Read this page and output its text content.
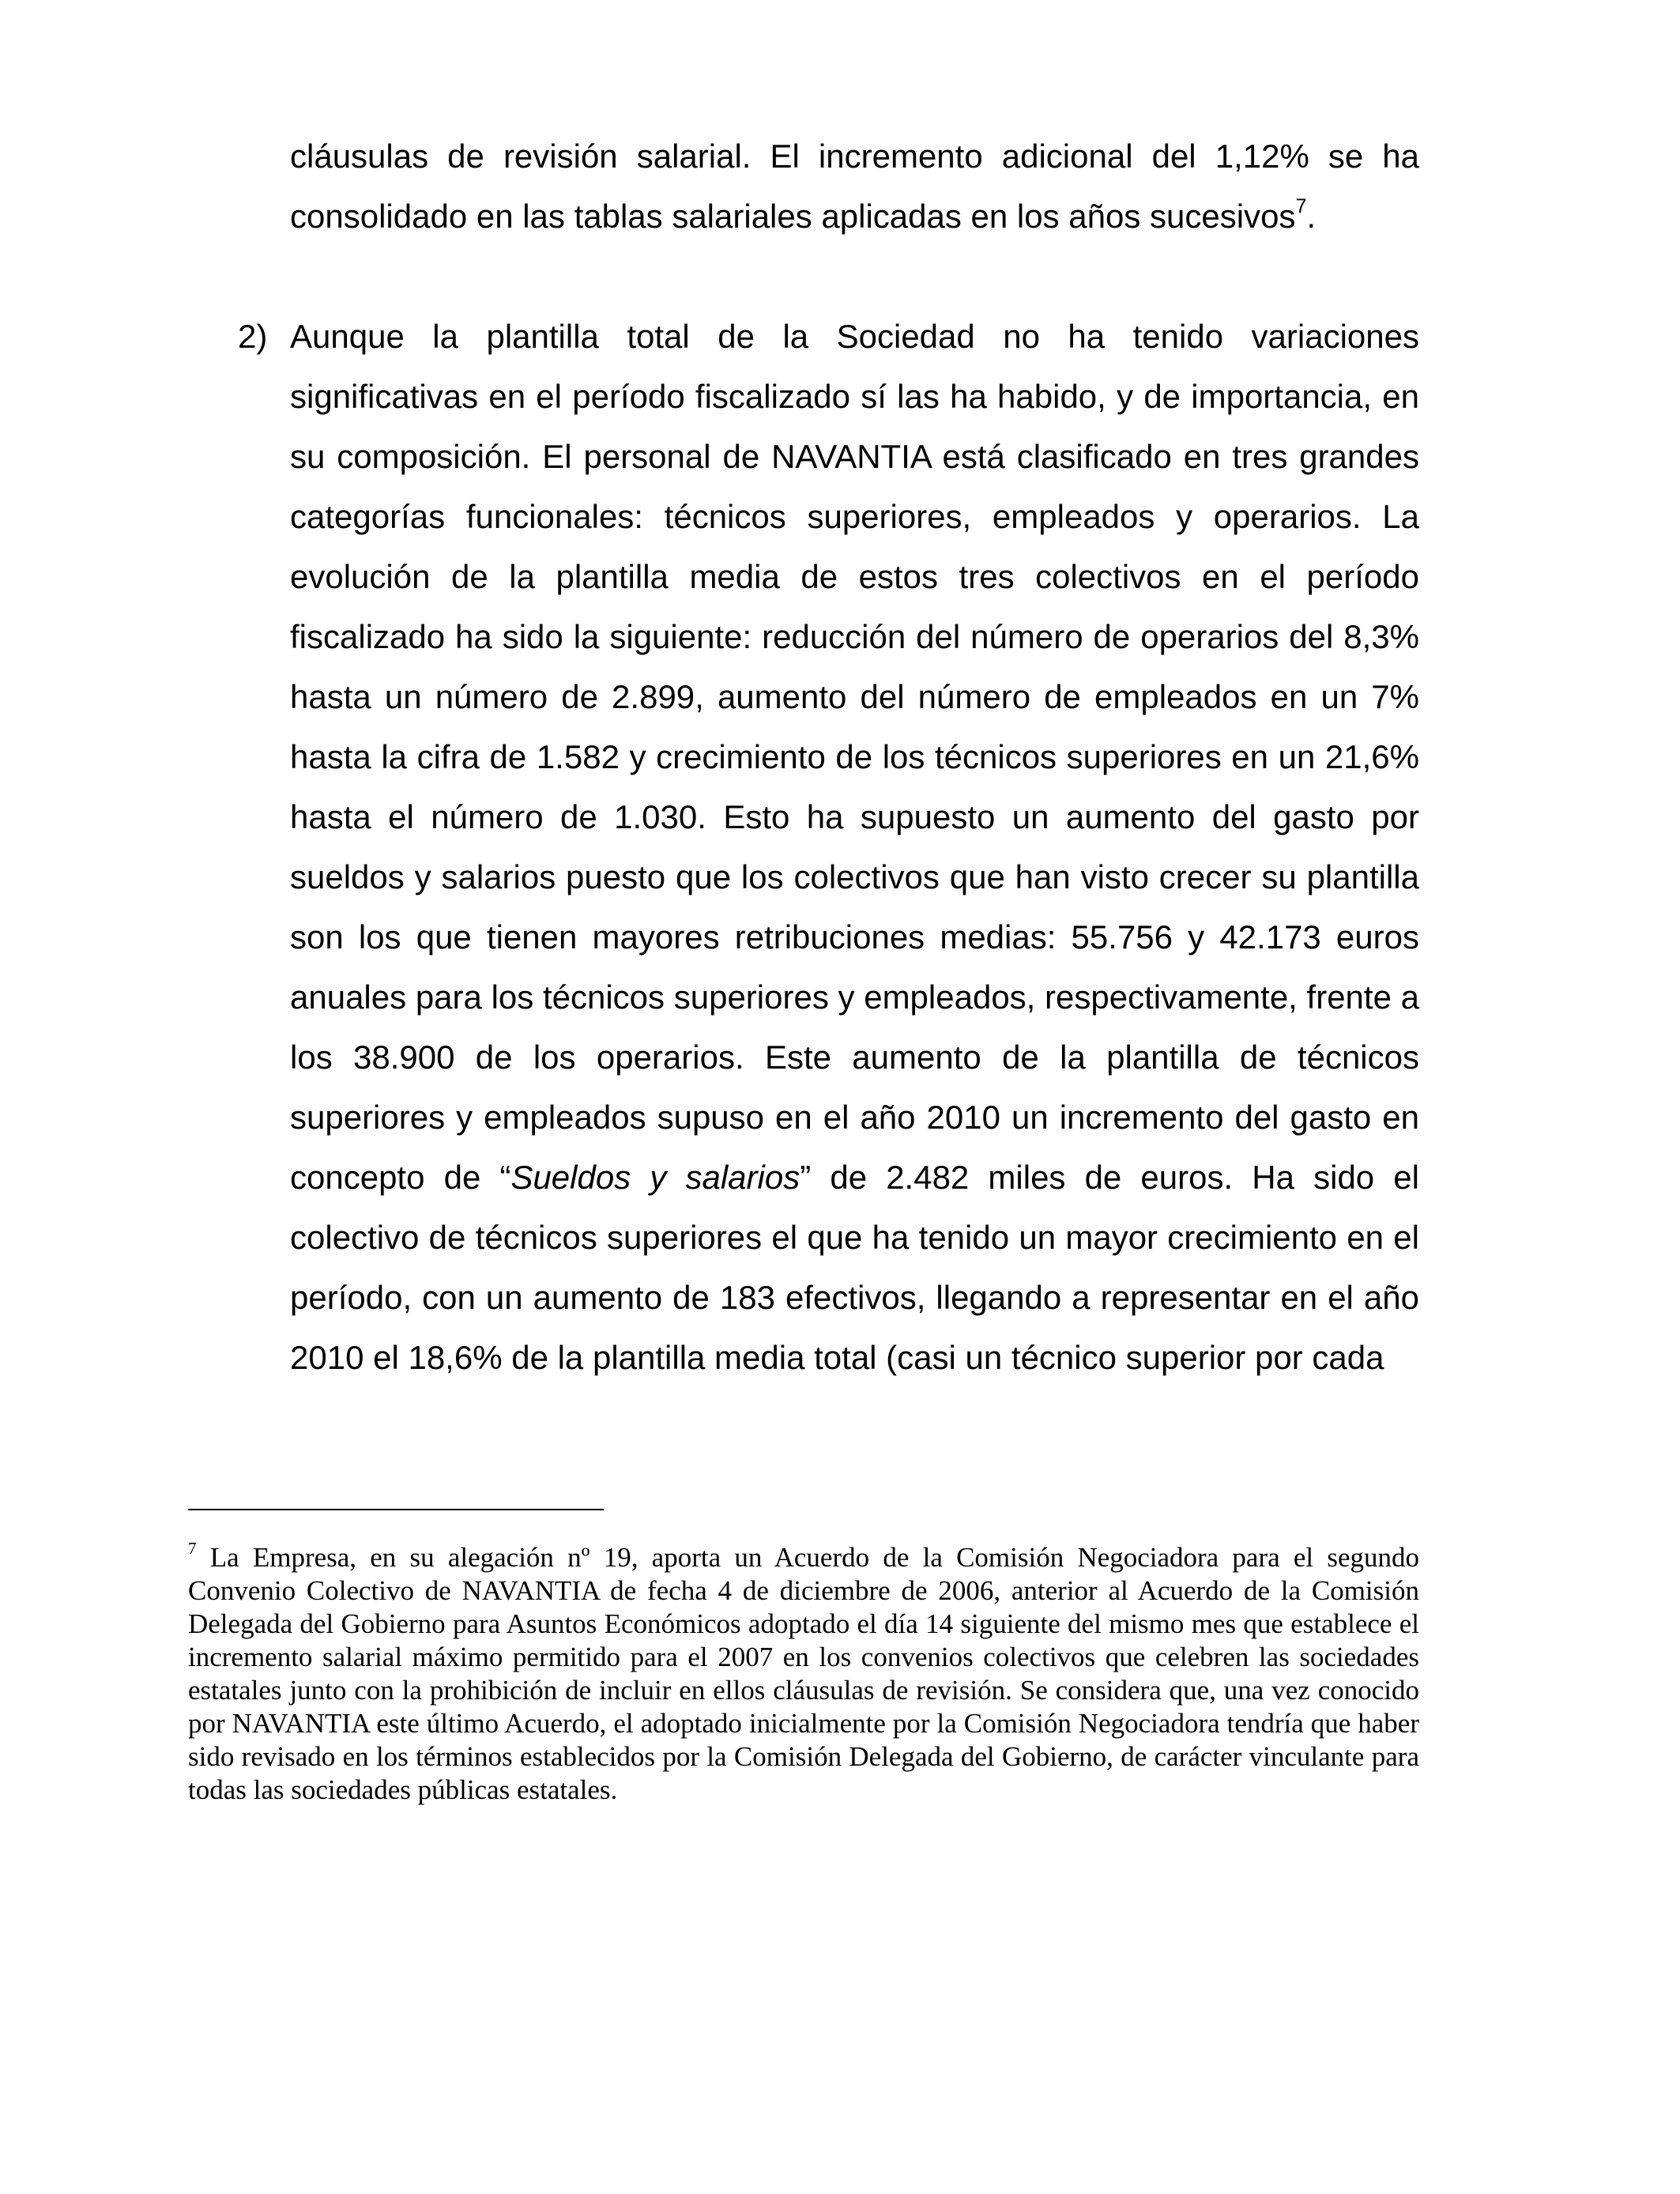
cláusulas de revisión salarial. El incremento adicional del 1,12% se ha consolidado en las tablas salariales aplicadas en los años sucesivos$^7$.

2) Aunque la plantilla total de la Sociedad no ha tenido variaciones significativas en el período fiscalizado sí las ha habido, y de importancia, en su composición. El personal de NAVANTIA está clasificado en tres grandes categorías funcionales: técnicos superiores, empleados y operarios. La evolución de la plantilla media de estos tres colectivos en el período fiscalizado ha sido la siguiente: reducción del número de operarios del 8,3% hasta un número de 2.899, aumento del número de empleados en un 7% hasta la cifra de 1.582 y crecimiento de los técnicos superiores en un 21,6% hasta el número de 1.030. Esto ha supuesto un aumento del gasto por sueldos y salarios puesto que los colectivos que han visto crecer su plantilla son los que tienen mayores retribuciones medias: 55.756 y 42.173 euros anuales para los técnicos superiores y empleados, respectivamente, frente a los 38.900 de los operarios. Este aumento de la plantilla de técnicos superiores y empleados supuso en el año 2010 un incremento del gasto en concepto de “Sueldos y salarios” de 2.482 miles de euros. Ha sido el colectivo de técnicos superiores el que ha tenido un mayor crecimiento en el período, con un aumento de 183 efectivos, llegando a representar en el año 2010 el 18,6% de la plantilla media total (casi un técnico superior por cada

$^7$ La Empresa, en su alegación nº 19, aporta un Acuerdo de la Comisión Negociadora para el segundo Convenio Colectivo de NAVANTIA de fecha 4 de diciembre de 2006, anterior al Acuerdo de la Comisión Delegada del Gobierno para Asuntos Económicos adoptado el día 14 siguiente del mismo mes que establece el incremento salarial máximo permitido para el 2007 en los convenios colectivos que celebren las sociedades estatales junto con la prohibición de incluir en ellos cláusulas de revisión. Se considera que, una vez conocido por NAVANTIA este último Acuerdo, el adoptado inicialmente por la Comisión Negociadora tendría que haber sido revisado en los términos establecidos por la Comisión Delegada del Gobierno, de carácter vinculante para todas las sociedades públicas estatales.
